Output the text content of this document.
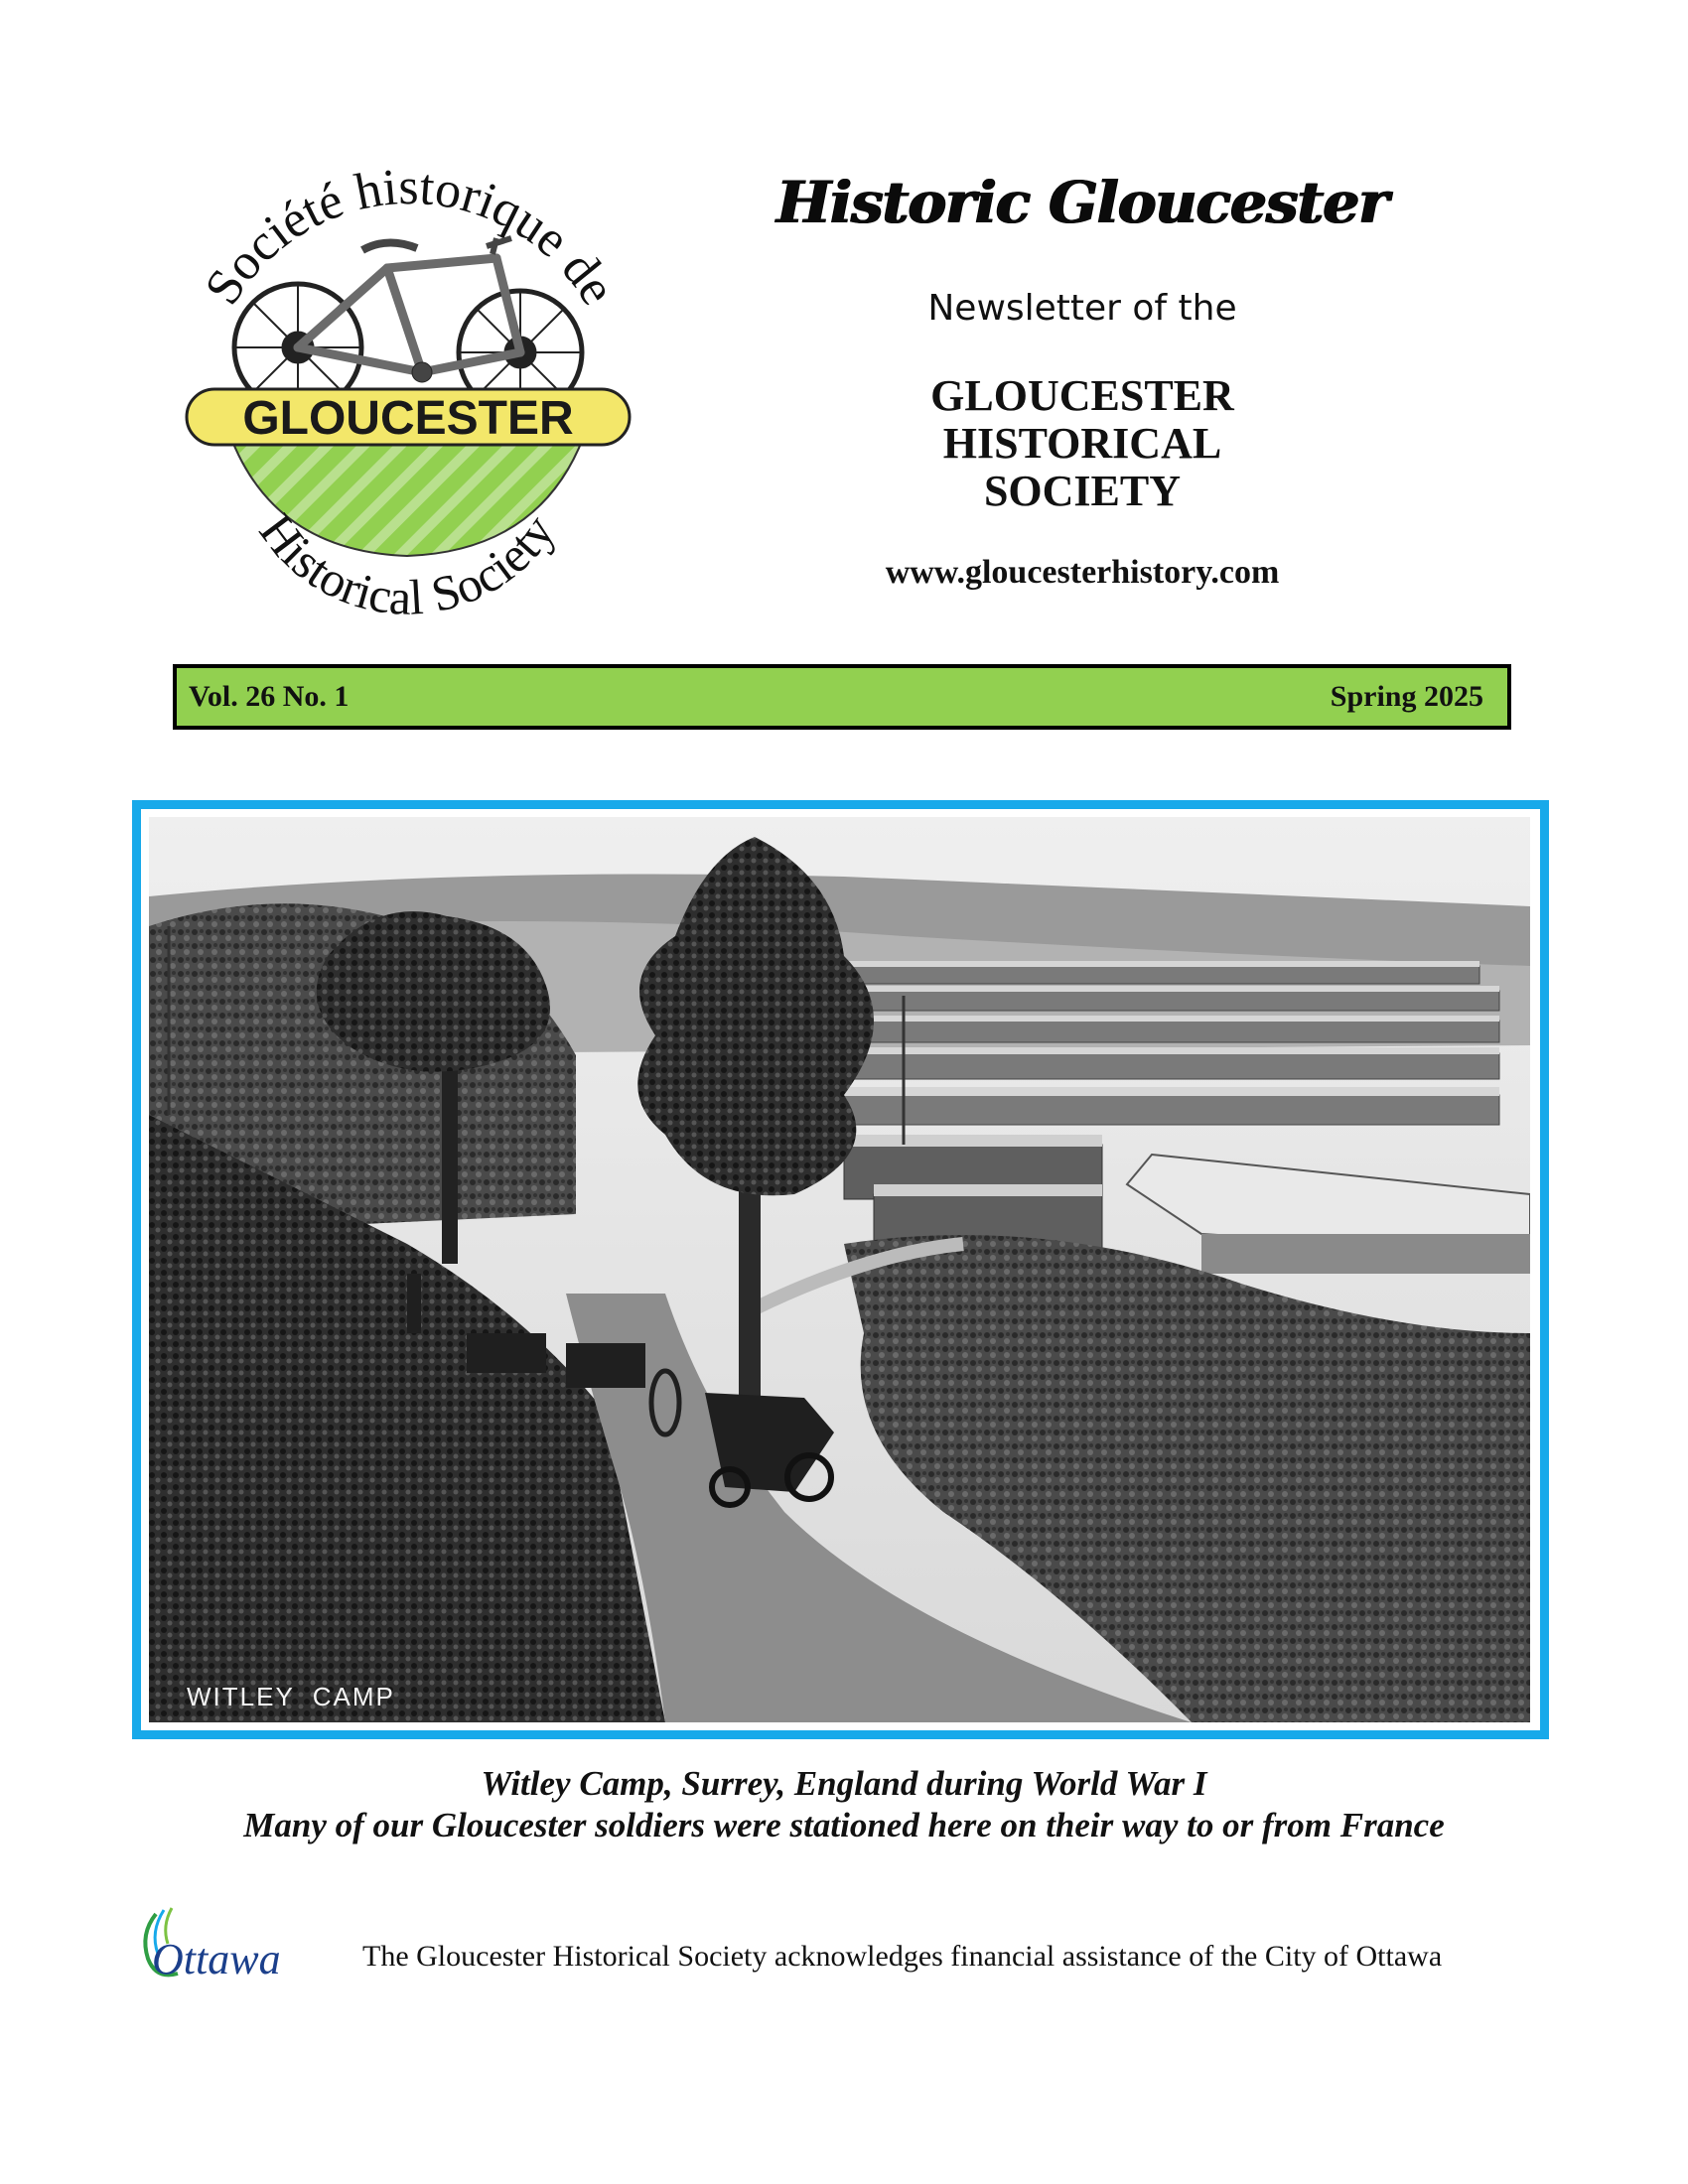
Société historique de
Historical Society
GLOUCESTER
Historic Gloucester
Newsletter of the
GLOUCESTER
HISTORICAL
SOCIETY
www.gloucesterhistory.com
Vol. 26 No. 1	Spring 2025
WITLEY  CAMP
Witley Camp, Surrey, England during World War I
Many of our Gloucester soldiers were stationed here on their way to or from France
Ottawa	The Gloucester Historical Society acknowledges financial assistance of the City of Ottawa
